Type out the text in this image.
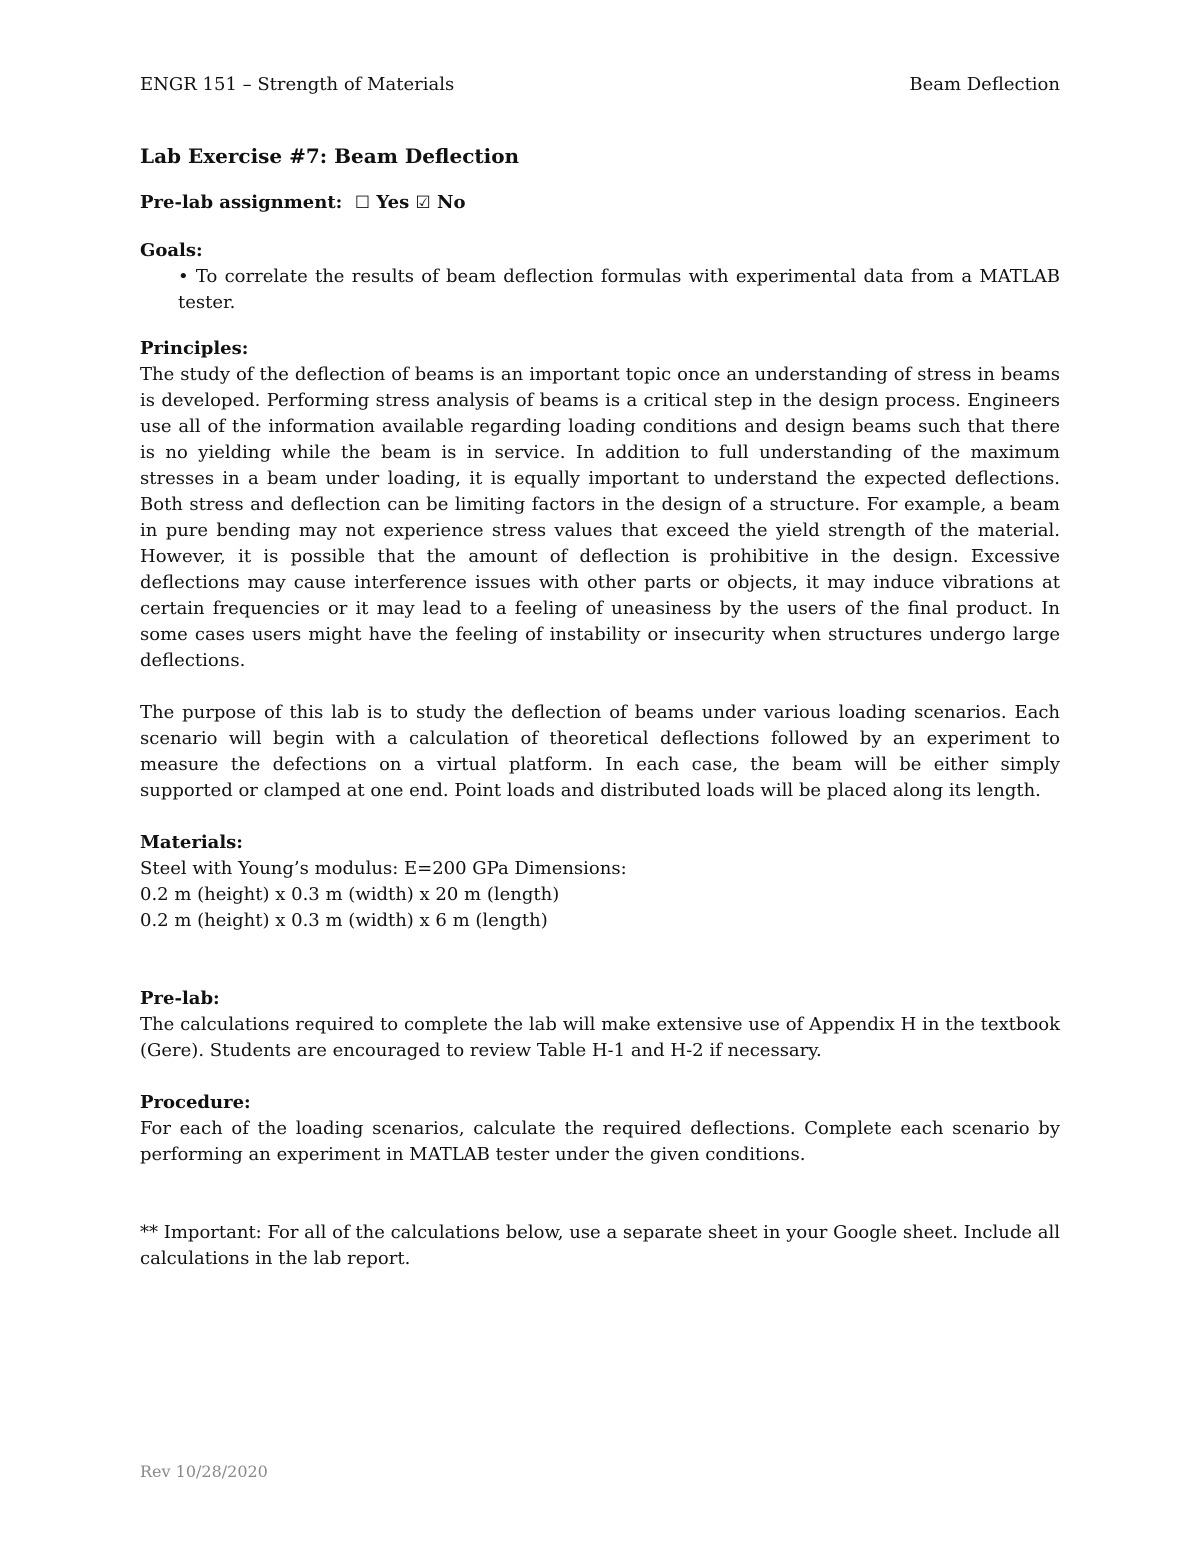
ENGR 151 – Strength of Materials	Beam Deflection

Lab Exercise #7: Beam Deflection

Pre-lab assignment: ☐ Yes ☑ No

Goals:

• To correlate the results of beam deflection formulas with experimental data from a MATLAB tester.

Principles:

The study of the deflection of beams is an important topic once an understanding of stress in beams is developed. Performing stress analysis of beams is a critical step in the design process. Engineers use all of the information available regarding loading conditions and design beams such that there is no yielding while the beam is in service. In addition to full understanding of the maximum stresses in a beam under loading, it is equally important to understand the expected deflections. Both stress and deflection can be limiting factors in the design of a structure. For example, a beam in pure bending may not experience stress values that exceed the yield strength of the material. However, it is possible that the amount of deflection is prohibitive in the design. Excessive deflections may cause interference issues with other parts or objects, it may induce vibrations at certain frequencies or it may lead to a feeling of uneasiness by the users of the final product. In some cases users might have the feeling of instability or insecurity when structures undergo large deflections.

The purpose of this lab is to study the deflection of beams under various loading scenarios. Each scenario will begin with a calculation of theoretical deflections followed by an experiment to measure the defections on a virtual platform. In each case, the beam will be either simply supported or clamped at one end. Point loads and distributed loads will be placed along its length.

Materials:

Steel with Young’s modulus: E=200 GPa Dimensions:

0.2 m (height) x 0.3 m (width) x 20 m (length)

0.2 m (height) x 0.3 m (width) x 6 m (length)

Pre-lab:

The calculations required to complete the lab will make extensive use of Appendix H in the textbook (Gere). Students are encouraged to review Table H-1 and H-2 if necessary.

Procedure:

For each of the loading scenarios, calculate the required deflections. Complete each scenario by performing an experiment in MATLAB tester under the given conditions.

** Important: For all of the calculations below, use a separate sheet in your Google sheet. Include all calculations in the lab report.

Rev 10/28/2020
